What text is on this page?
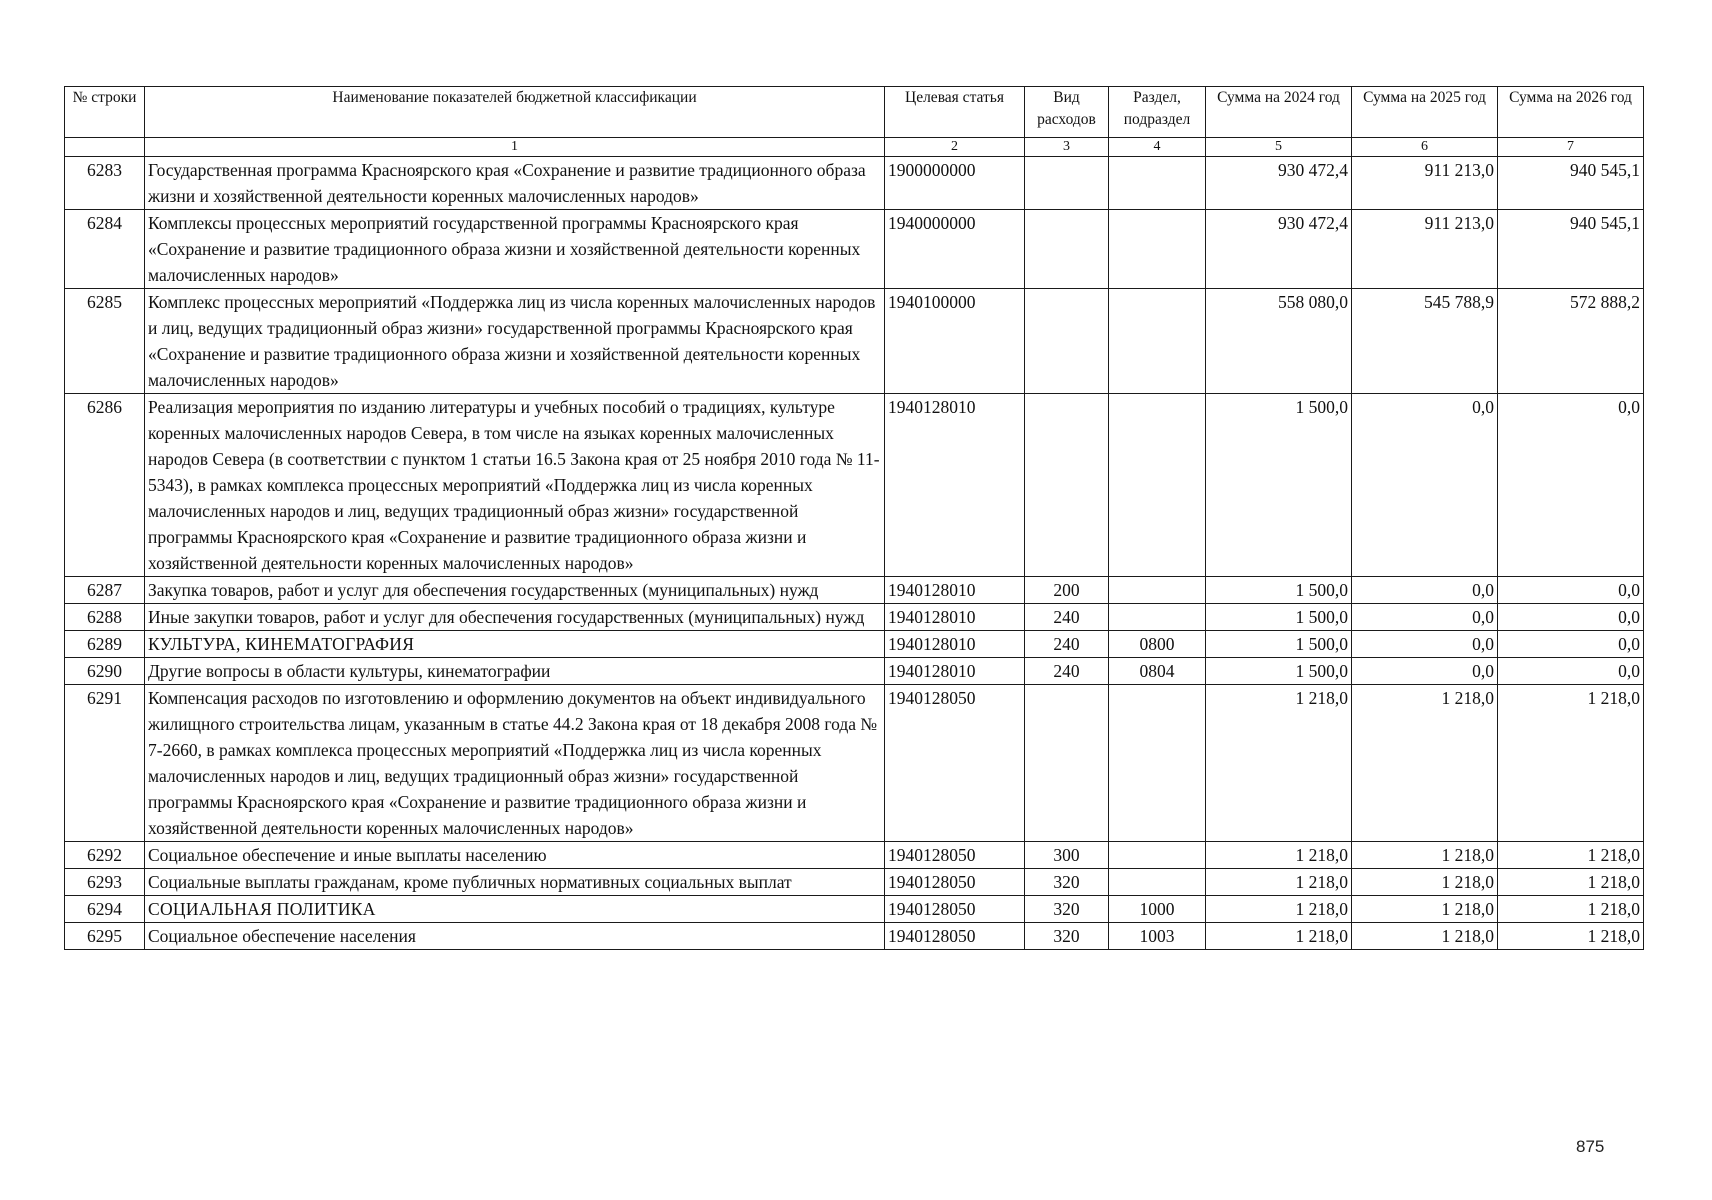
№ строки	Наименование показателей бюджетной классификации	Целевая статья	Вид расходов	Раздел, подраздел	Сумма на 2024 год	Сумма на 2025 год	Сумма на 2026 год
	1	2	3	4	5	6	7
6283	Государственная программа Красноярского края «Сохранение и развитие традиционного образа жизни и хозяйственной деятельности коренных малочисленных народов»	1900000000			930 472,4	911 213,0	940 545,1
6284	Комплексы процессных мероприятий государственной программы Красноярского края «Сохранение и развитие традиционного образа жизни и хозяйственной деятельности коренных малочисленных народов»	1940000000			930 472,4	911 213,0	940 545,1
6285	Комплекс процессных мероприятий «Поддержка лиц из числа коренных малочисленных народов и лиц, ведущих традиционный образ жизни» государственной программы Красноярского края «Сохранение и развитие традиционного образа жизни и хозяйственной деятельности коренных малочисленных народов»	1940100000			558 080,0	545 788,9	572 888,2
6286	Реализация мероприятия по изданию литературы и учебных пособий о традициях, культуре коренных малочисленных народов Севера, в том числе на языках коренных малочисленных народов Севера (в соответствии с пунктом 1 статьи 16.5 Закона края от 25 ноября 2010 года № 11-5343), в рамках комплекса процессных мероприятий «Поддержка лиц из числа коренных малочисленных народов и лиц, ведущих традиционный образ жизни» государственной программы Красноярского края «Сохранение и развитие традиционного образа жизни и хозяйственной деятельности коренных малочисленных народов»	1940128010			1 500,0	0,0	0,0
6287	Закупка товаров, работ и услуг для обеспечения государственных (муниципальных) нужд	1940128010	200		1 500,0	0,0	0,0
6288	Иные закупки товаров, работ и услуг для обеспечения государственных (муниципальных) нужд	1940128010	240		1 500,0	0,0	0,0
6289	КУЛЬТУРА, КИНЕМАТОГРАФИЯ	1940128010	240	0800	1 500,0	0,0	0,0
6290	Другие вопросы в области культуры, кинематографии	1940128010	240	0804	1 500,0	0,0	0,0
6291	Компенсация расходов по изготовлению и оформлению документов на объект индивидуального жилищного строительства лицам, указанным в статье 44.2 Закона края от 18 декабря 2008 года № 7-2660, в рамках комплекса процессных мероприятий «Поддержка лиц из числа коренных малочисленных народов и лиц, ведущих традиционный образ жизни» государственной программы Красноярского края «Сохранение и развитие традиционного образа жизни и хозяйственной деятельности коренных малочисленных народов»	1940128050			1 218,0	1 218,0	1 218,0
6292	Социальное обеспечение и иные выплаты населению	1940128050	300		1 218,0	1 218,0	1 218,0
6293	Социальные выплаты гражданам, кроме публичных нормативных социальных выплат	1940128050	320		1 218,0	1 218,0	1 218,0
6294	СОЦИАЛЬНАЯ ПОЛИТИКА	1940128050	320	1000	1 218,0	1 218,0	1 218,0
6295	Социальное обеспечение населения	1940128050	320	1003	1 218,0	1 218,0	1 218,0
875
